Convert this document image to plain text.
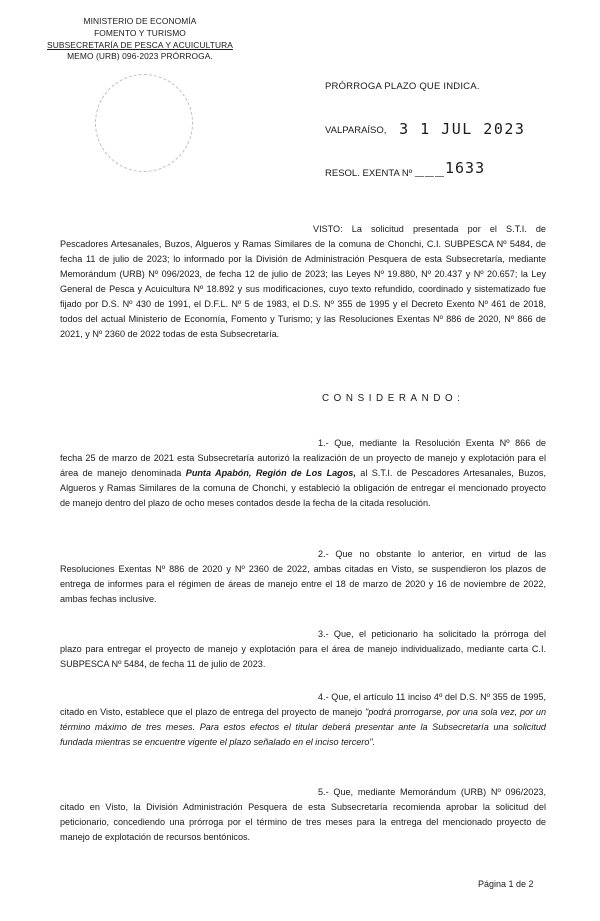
MINISTERIO DE ECONOMÍA
FOMENTO Y TURISMO
SUBSECRETARÍA DE PESCA Y ACUICULTURA
MEMO (URB) 096-2023 PRÓRROGA.
PRÓRROGA PLAZO QUE INDICA.
VALPARAÍSO, 3 1 JUL 2023
RESOL. EXENTA Nº ___1633

VISTO: La solicitud presentada por el S.T.I. de Pescadores Artesanales, Buzos, Algueros y Ramas Similares de la comuna de Chonchi, C.I. SUBPESCA Nº 5484, de fecha 11 de julio de 2023; lo informado por la División de Administración Pesquera de esta Subsecretaría, mediante Memorándum (URB) Nº 096/2023, de fecha 12 de julio de 2023; las Leyes Nº 19.880, Nº 20.437 y Nº 20.657; la Ley General de Pesca y Acuicultura Nº 18.892 y sus modificaciones, cuyo texto refundido, coordinado y sistematizado fue fijado por D.S. Nº 430 de 1991, el D.F.L. Nº 5 de 1983, el D.S. Nº 355 de 1995 y el Decreto Exento Nº 461 de 2018, todos del actual Ministerio de Economía, Fomento y Turismo; y las Resoluciones Exentas Nº 886 de 2020, Nº 866 de 2021, y Nº 2360 de 2022 todas de esta Subsecretaría.

CONSIDERANDO:

1.- Que, mediante la Resolución Exenta Nº 866 de fecha 25 de marzo de 2021 esta Subsecretaría autorizó la realización de un proyecto de manejo y explotación para el área de manejo denominada Punta Apabón, Región de Los Lagos, al S.T.I. de Pescadores Artesanales, Buzos, Algueros y Ramas Similares de la comuna de Chonchi, y estableció la obligación de entregar el mencionado proyecto de manejo dentro del plazo de ocho meses contados desde la fecha de la citada resolución.

2.- Que no obstante lo anterior, en virtud de las Resoluciones Exentas Nº 886 de 2020 y Nº 2360 de 2022, ambas citadas en Visto, se suspendieron los plazos de entrega de informes para el régimen de áreas de manejo entre el 18 de marzo de 2020 y 16 de noviembre de 2022, ambas fechas inclusive.

3.- Que, el peticionario ha solicitado la prórroga del plazo para entregar el proyecto de manejo y explotación para el área de manejo individualizado, mediante carta C.I. SUBPESCA Nº 5484, de fecha 11 de julio de 2023.

4.- Que, el artículo 11 inciso 4º del D.S. Nº 355 de 1995, citado en Visto, establece que el plazo de entrega del proyecto de manejo "podrá prorrogarse, por una sola vez, por un término máximo de tres meses. Para estos efectos el titular deberá presentar ante la Subsecretaría una solicitud fundada mientras se encuentre vigente el plazo señalado en el inciso tercero".

5.- Que, mediante Memorándum (URB) Nº 096/2023, citado en Visto, la División Administración Pesquera de esta Subsecretaría recomienda aprobar la solicitud del peticionario, concediendo una prórroga por el término de tres meses para la entrega del mencionado proyecto de manejo de explotación de recursos bentónicos.

Página 1 de 2
